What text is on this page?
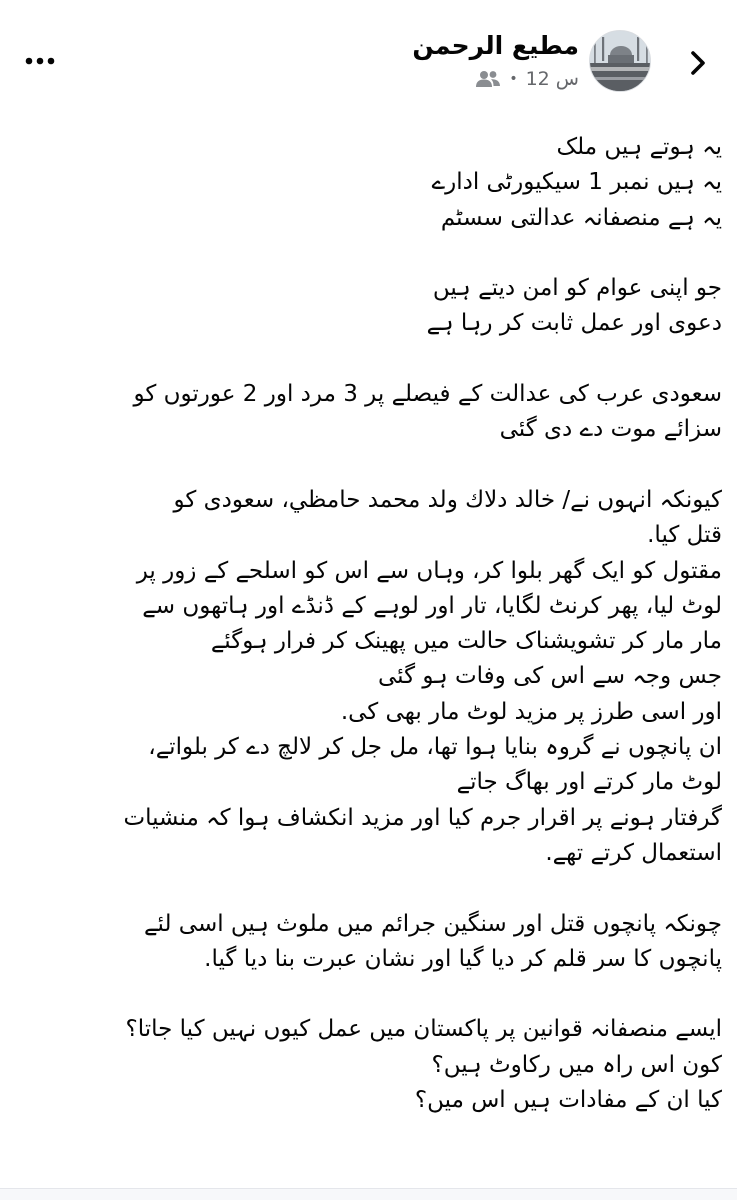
مطیع الرحمن
• 12 س
یہ ہوتے ہیں ملک
یہ ہیں نمبر 1 سیکیورٹی ادارے
یہ ہے منصفانہ عدالتی سسٹم
جو اپنی عوام کو امن دیتے ہیں
دعوی اور عمل ثابت کر رہا ہے
سعودی عرب کی عدالت کے فیصلے پر 3 مرد اور 2 عورتوں کو
سزائے موت دے دی گئی
کیونکہ انہوں نے/ خالد دلاك ولد محمد حامظي، سعودی کو
قتل کیا.
مقتول کو ایک گھر بلوا کر، وہاں سے اس کو اسلحے کے زور پر
لوٹ لیا، پھر کرنٹ لگایا، تار اور لوہے کے ڈنڈے اور ہاتھوں سے
مار مار کر تشویشناک حالت میں پھینک کر فرار ہوگئے
جس وجہ سے اس کی وفات ہو گئی
اور اسی طرز پر مزید لوٹ مار بھی کی.
ان پانچوں نے گروہ بنایا ہوا تھا، مل جل کر لالچ دے کر بلواتے،
لوٹ مار کرتے اور بھاگ جاتے
گرفتار ہونے پر اقرار جرم کیا اور مزید انکشاف ہوا کہ منشیات
استعمال کرتے تھے.
چونکہ پانچوں قتل اور سنگین جرائم میں ملوث ہیں اسی لئے
پانچوں کا سر قلم کر دیا گیا اور نشان عبرت بنا دیا گیا.
ایسے منصفانہ قوانین پر پاکستان میں عمل کیوں نہیں کیا جاتا؟
کون اس راہ میں رکاوٹ ہیں؟
کیا ان کے مفادات ہیں اس میں؟
